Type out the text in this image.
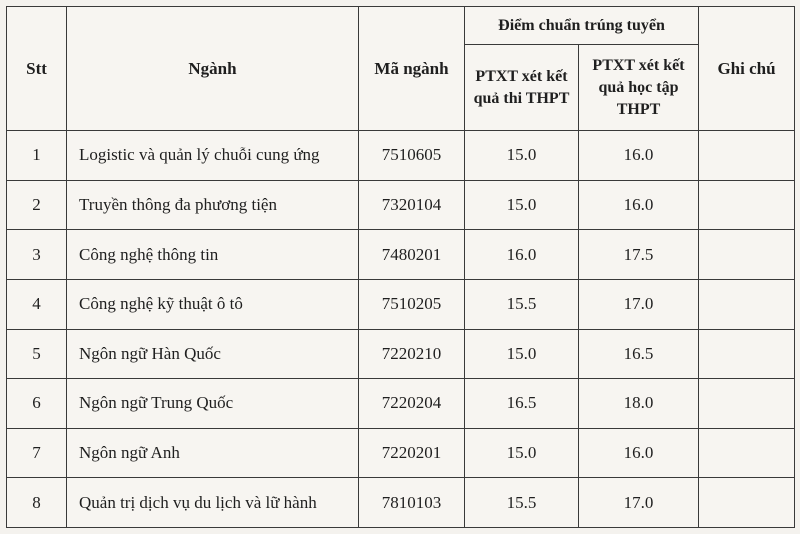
Stt	Ngành	Mã ngành	Điểm chuẩn trúng tuyển		Ghi chú
			PTXT xét kết quả thi THPT	PTXT xét kết quả học tập THPT	
1	Logistic và quản lý chuỗi cung ứng	7510605	15.0	16.0	
2	Truyền thông đa phương tiện	7320104	15.0	16.0	
3	Công nghệ thông tin	7480201	16.0	17.5	
4	Công nghệ kỹ thuật ô tô	7510205	15.5	17.0	
5	Ngôn ngữ Hàn Quốc	7220210	15.0	16.5	
6	Ngôn ngữ Trung Quốc	7220204	16.5	18.0	
7	Ngôn ngữ Anh	7220201	15.0	16.0	
8	Quản trị dịch vụ du lịch và lữ hành	7810103	15.5	17.0	
